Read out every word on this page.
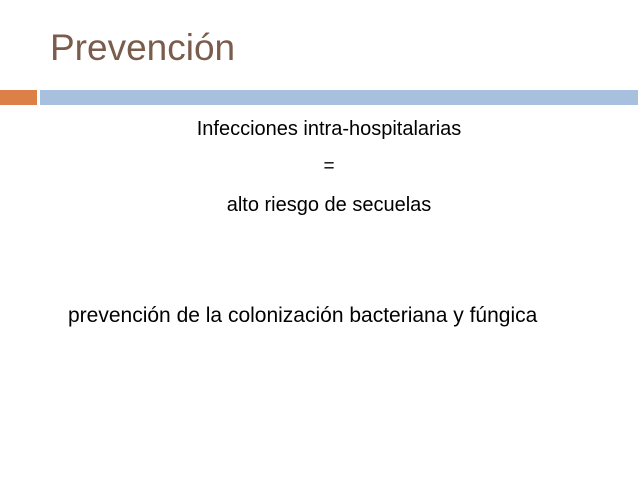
Prevención
Infecciones intra-hospitalarias
=
alto riesgo de secuelas
prevención de la colonización bacteriana y fúngica
